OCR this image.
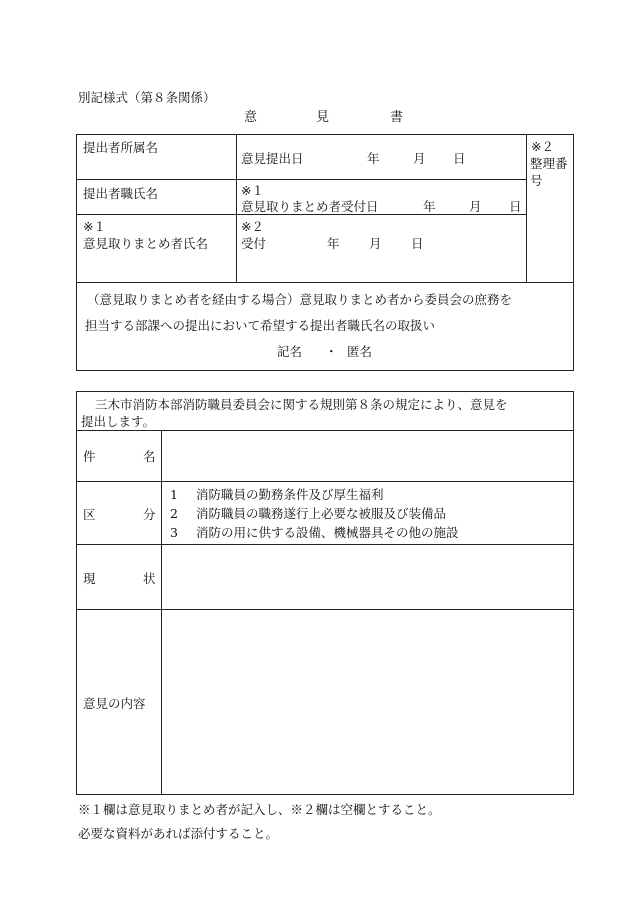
別記様式（第８条関係）
意	見	書
提出者所属名	意見提出日 年 月 日	※２
整理番
号

提出者職氏名	※１
意見取りまとめ者受付日 年 月 日	

※１
意見取りまとめ者氏名	※２
受付 年 月 日	
（意見取りまとめ者を経由する場合）意見取りまとめ者から委員会の庶務を
担当する部課への提出において希望する提出者職氏名の取扱い
記名 ・ 匿名
三木市消防本部消防職員委員会に関する規則第８条の規定により、意見を
提出します。	

件 名	

区 分	1 消防職員の勤務条件及び厚生福利
2 消防職員の職務遂行上必要な被服及び装備品
3 消防の用に供する設備、機械器具その他の施設

現 状	

意見の内容	

※１欄は意見取りまとめ者が記入し、※２欄は空欄とすること。
必要な資料があれば添付すること。
